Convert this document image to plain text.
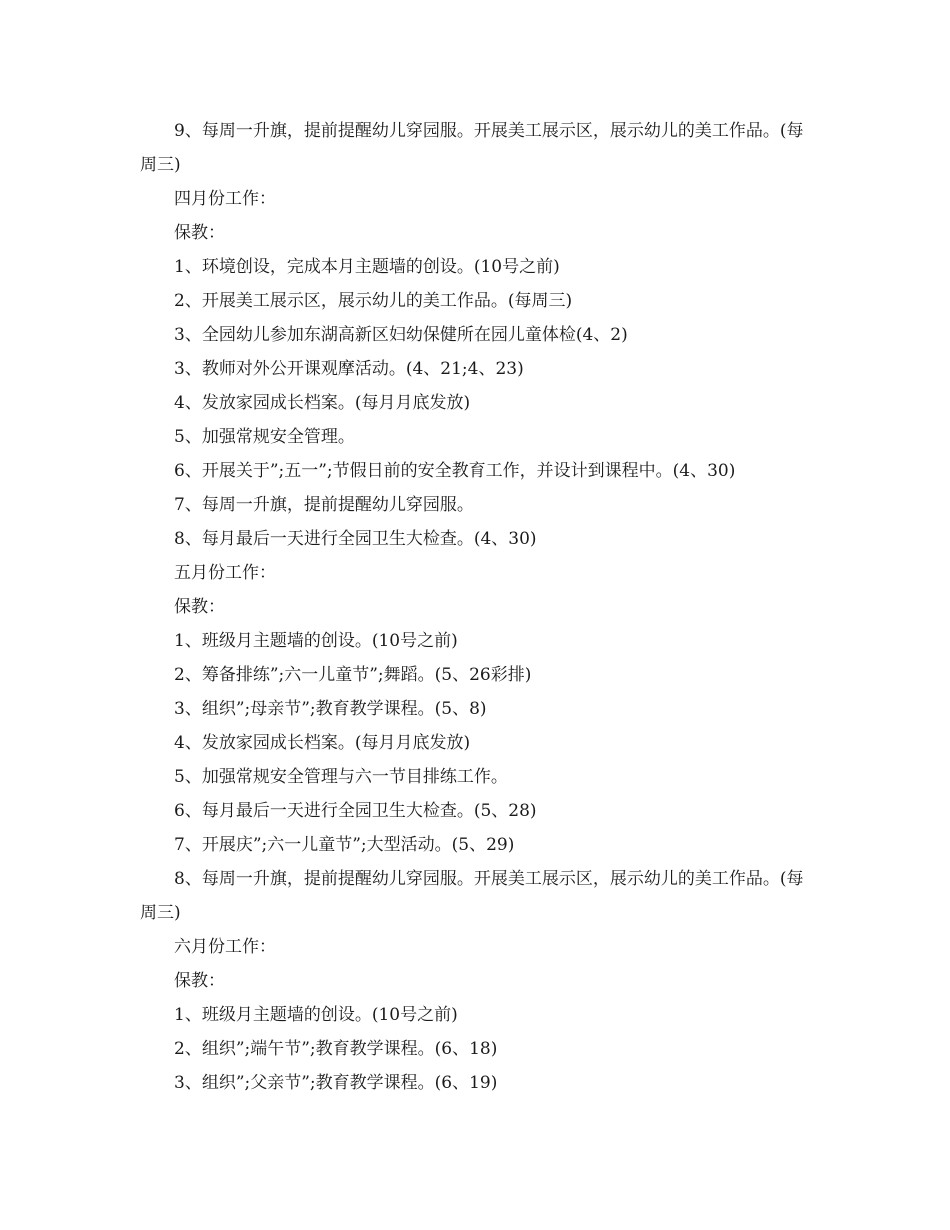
9、每周一升旗，提前提醒幼儿穿园服。开展美工展示区，展示幼儿的美工作品。(每周三)

四月份工作：

保教：

1、环境创设，完成本月主题墙的创设。(10号之前)

2、开展美工展示区，展示幼儿的美工作品。(每周三)

3、全园幼儿参加东湖高新区妇幼保健所在园儿童体检(4、2)

3、教师对外公开课观摩活动。(4、21;4、23)

4、发放家园成长档案。(每月月底发放)

5、加强常规安全管理。

6、开展关于”;五一”;节假日前的安全教育工作，并设计到课程中。(4、30)

7、每周一升旗，提前提醒幼儿穿园服。

8、每月最后一天进行全园卫生大检查。(4、30)

五月份工作：

保教：

1、班级月主题墙的创设。(10号之前)

2、筹备排练”;六一儿童节”;舞蹈。(5、26彩排)

3、组织”;母亲节”;教育教学课程。(5、8)

4、发放家园成长档案。(每月月底发放)

5、加强常规安全管理与六一节目排练工作。

6、每月最后一天进行全园卫生大检查。(5、28)

7、开展庆”;六一儿童节”;大型活动。(5、29)

8、每周一升旗，提前提醒幼儿穿园服。开展美工展示区，展示幼儿的美工作品。(每周三)

六月份工作：

保教：

1、班级月主题墙的创设。(10号之前)

2、组织”;端午节”;教育教学课程。(6、18)

3、组织”;父亲节”;教育教学课程。(6、19)
